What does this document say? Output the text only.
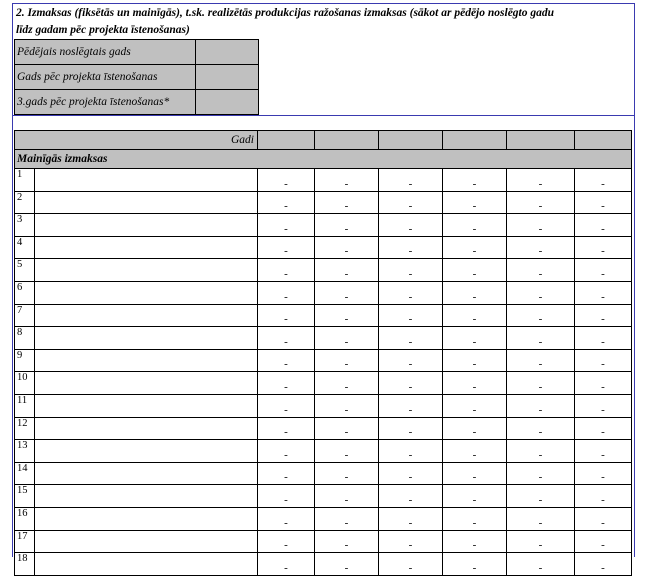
2. Izmaksas (fiksētās un mainīgās), t.sk. realizētās produkcijas ražošanas izmaksas (sākot ar pēdējo noslēgto gadu
līdz gadam pēc projekta īstenošanas)
Pēdējais noslēgtais gads	
Gads pēc projekta īstenošanas	
3.gads pēc projekta īstenošanas*	
Gadi							
Mainīgās izmaksas							
1		-	-	-	-	-	-
2		-	-	-	-	-	-
3		-	-	-	-	-	-
4		-	-	-	-	-	-
5		-	-	-	-	-	-
6		-	-	-	-	-	-
7		-	-	-	-	-	-
8		-	-	-	-	-	-
9		-	-	-	-	-	-
10		-	-	-	-	-	-
11		-	-	-	-	-	-
12		-	-	-	-	-	-
13		-	-	-	-	-	-
14		-	-	-	-	-	-
15		-	-	-	-	-	-
16		-	-	-	-	-	-
17		-	-	-	-	-	-
18		-	-	-	-	-	-
